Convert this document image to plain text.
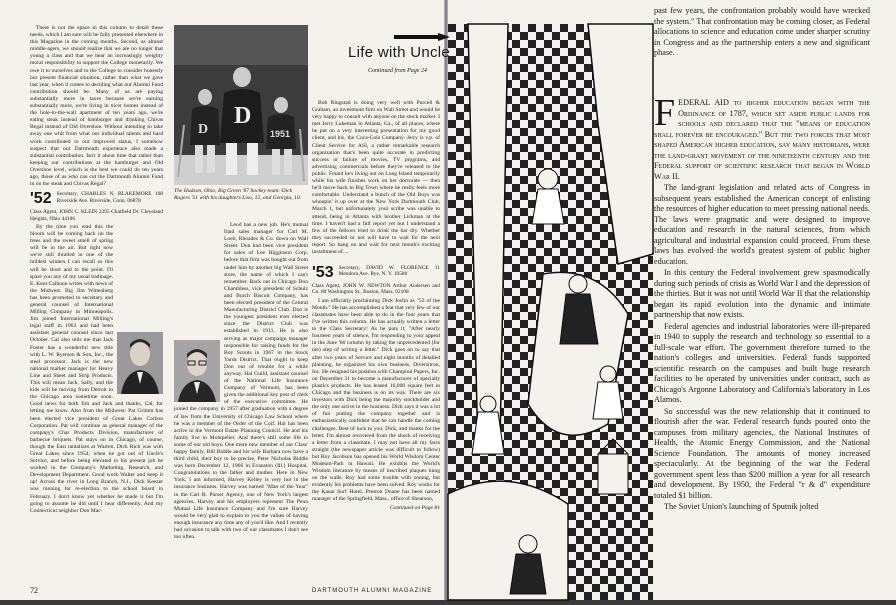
There is not the space in this column to detail these needs, which I am sure will be fully presented elsewhere in this Magazine in the coming months. Second, as almost middle-agers, we should realize that we are no longer that young a class and that we bear an increasingly weighty moral responsibility to support the College monetarily. We owe it to ourselves and to the College to consider honestly our present financial situation, rather than what we gave last year, when it comes to deciding what our Alumni Fund contribution should be. Many of us are paying substantially more in taxes because we're earning substantially more, we're living in nicer homes instead of the hole-in-the-wall apartment of ten years ago, we're eating steak instead of hamburger and drinking Chivas Regal instead of Old Overshoe. Without intending to take away one whit from what our individual talents and hard work contributed to our improved status, I somehow suspect that our Dartmouth experience also made a substantial contribution. Isn't it about time that rather than keeping our contributions at the hamburger and Old Overshoe level, which is the best we could do ten years ago, those of us who can cut the Dartmouth Alumni Fund in on the steak and Chivas Regal?

'52 Secretary, CHARLES N. BLAKEMORE 168 Riverside Ave. Riverside, Conn. 06878
Class Agent, JOHN C. KLEIN 2295 Chatfield Dr. Cleveland Heights, Ohio 44106

By the time you read this the bloom will be coming back on the trees and the sweet smell of spring will be in the air. But right now we're still thralled in one of the mildest winters I can recall so this will be short and to the point. I'll spare you any of my usual badinage. E. Kent Calhoun writes with news of the Midwest. Big Jim Wittenberg has been promoted to secretary and general counsel of International Milling Company in Minneapolis. Jim joined International Milling's legal staff in 1963 and had been assistant general counsel since last October. Cal also tells me that Jack Foster has a wonderful new title with L. W. Ryerson & Son, Inc., the steel processor. Jack is the new national market manager for Heavy Line and Sheet and Strip Products. This will mean Jack, Sally, and the kids will be moving from Detroit to the Chicago area sometime soon. Good news for both Jim and Jack and thanks, Cal, for letting me know. Also from the Midwest: Pat Grimm has been elected vice president of Great Lakes Carbon Corporation. Pat will continue as general manager of the company's Char Products Division, manufacturer of barbecue briquets. Pat stays on in Chicago, of course, though the East tantalizes at Warren. Dick Rich was with Great Lakes since 1954, when he got out of Uncle's Service, and before being elevated to his present job he worked in the Company's Marketing, Research, and Development Department. Good work Walter and keep it up! Across the river in Long Branch, N.J., Dick Keezer was running for re-election to the school board in February. I don't know yet whether he made it but I'm going to assume he did until I hear differently. And my Connecticut neighbor Don Mac-

D
D	1951
The Hudson, Ohio, Big Green '67 hockey team: Dick Rogers '51 with his daughters Lisa, 12, and Georgia, 10.

Leod has a new job. He's mutual fund sales manager for Carl M. Loeb, Rhoades & Co. down on Wall Street. Don had been vice president for sales of Lee Higginson Corp. before that firm was bought out from under him by another big Wall Street store, the name of which I can't remember. Back out in Chicago Don Chambless, vice president of Schulz and Burch Biscuit Company, has been elected president of the Central Manufacturing District Club. Don is the youngest president ever elected since the District Club was established in 1911. He is also serving as major campaign manager responsible for raising funds for the Boy Scouts in 1967 in the Stock Yards District. That ought to keep Don out of trouble for a while anyway. Hal Guild, assistant counsel of the National Life Insurance Company of Vermont, has been given the additional key post of clerk of the executive committee. He joined the company in 1957 after graduation with a degree of law from the University of Chicago Law School where he was a member of the Order of the Coif. Hal has been active in the Vermont Estate Planning Council. He and his family live in Montpelier. And there's still some life in some of our old boys. One more new member of our Class' happy family. Bill Biddle and his wife Barbara now have a third child, their boy to be precise, Peter Nicholas Biddle was born December 12, 1966 in Evanston (Ill.) Hospital. Congratulations to the father and mother. Here in New York, I am informed, Harvey Kelley is very hot in the insurance business. Harvey was named "Man of the Year" in the Carl R. Purser Agency, one of New York's largest agencies. Harvey and his employers represent The Penn Mutual Life Insurance Company and I'm sure Harvey would be very glad to explain to you the values of having enough insurance any time any of you'd like. And I recently had occasion to talk with two of our classmates I don't see too often.

72
Life with Uncle
Continued from Page 24

Bob Ringstad is doing very well with Purcell & Graham, an investment firm on Wall Street and would be very happy to consult with anyone on the stock market. I met Jerry Lukeman in Atlanta, Ga., of all places, where he put on a very interesting presentation for my good client, and his, the Coca-Cola Company. Jerry is v.p. of Client Service for ASI, a rather remarkable research organization that's been quite accurate in predicting success or failure of movies, TV programs, and advertising commercials before they're released to the public. Found he's living out on Long Island temporarily while his wife finishes work on her doctorate — then he'll move back to Big Town where he really feels more comfortable. Understand a bunch of the Old Boys was whoopin' it up over at the New York Dartmouth Club, March 1, but unfortunately your scribe was unable to attend, being in Atlanta with brother Lickman at the time. I haven't had a full report yet but I understand a few of the fellows tried to drink the bar dry. Whether they succeeded or not will have to wait for the next report. So hang on and wait for next month's exciting installment of....

'53 Secretary, DAVID W. FLORENCE 11 Mendora Ave. Rye, N. Y. 10580
Class Agent, JOHN W. NEWTON Arthur Andersen and Co. 80 Washington St., Boston, Mass. 02108

I am officially proclaiming Dick Joslin as "53 of the Month." He has accomplished a feat that very few of our classmates have been able to do in the four years that I've written this column. He has actually written a letter to the Class Secretary! As he puts it, "After nearly fourteen years of silence, I'm responding to your appeal in the June '66 column by taking the unprecedented (for me) step of writing a letter." Dick goes on to say that after two years of Service and eight months of detailed planning, he organized his own business, Diversitron, Inc. He resigned his position with Champion Papers, Inc. on December 31 to become a manufacturer of specialty plastics products. He has leased 16,000 square feet in Chicago and the business is on its way. There are six investors with Dick being the majority stockholder and the only one active in the business. Dick says it was a lot of fun putting the company together and is enthusiastically confident that he can handle the coming challenges. Best of luck to you, Dick, and thanks for the letter. I'm almost recovered from the shock of receiving a letter from a classmate. I may not have all my facts straight (the newspaper article was difficult to follow) but Roy Jacobson has opened his World Wisdom Center Museum-Park in Hawaii. He exhibits the World's Wisdom literature by means of inscribed plaques hung on the walls. Roy had some trouble with zoning, but evidently his problems have been solved. Roy works for the Kauai Surf Hotel. Preston Doane has been named manager of the Springfield, Mass., office of Shearson,

Continued on Page 81
DARTMOUTH ALUMNI MAGAZINE

past few years, the confrontation probably would have wrecked the system." That confrontation may be coming closer, as Federal allocations to science and education come under sharper scrutiny in Congress and as the partnership enters a new and significant phase.

F EDERAL AID to higher education began with the Ordinance of 1787, which set aside public lands for schools and declared that the "means of education shall forever be encouraged." But the two forces that most shaped American higher education, say many historians, were the land-grant movement of the nineteenth century and the Federal support of scientific research that began in World War II.

The land-grant legislation and related acts of Congress in subsequent years established the American concept of enlisting the resources of higher education to meet pressing national needs. The laws were pragmatic and were designed to improve education and research in the natural sciences, from which agricultural and industrial expansion could proceed. From these laws has evolved the world's greatest system of public higher education.

In this century the Federal involvement grew spasmodically during such periods of crisis as World War I and the depression of the thirties. But it was not until World War II that the relationship began its rapid evolution into the dynamic and intimate partnership that now exists.

Federal agencies and industrial laboratories were ill-prepared in 1940 to supply the research and technology so essential to a full-scale war effort. The government therefore turned to the nation's colleges and universities. Federal funds supported scientific research on the campuses and built huge research facilities to be operated by universities under contract, such as Chicago's Argonne Laboratory and California's laboratory in Los Alamos.

So successful was the new relationship that it continued to flourish after the war. Federal research funds poured onto the campuses from military agencies, the National Institutes of Health, the Atomic Energy Commission, and the National Science Foundation. The amounts of money increased spectacularly. At the beginning of the war the Federal government spent less than $200 million a year for all research and development. By 1950, the Federal "r & d" expenditure totaled $1 billion.

The Soviet Union's launching of Sputnik jolted
